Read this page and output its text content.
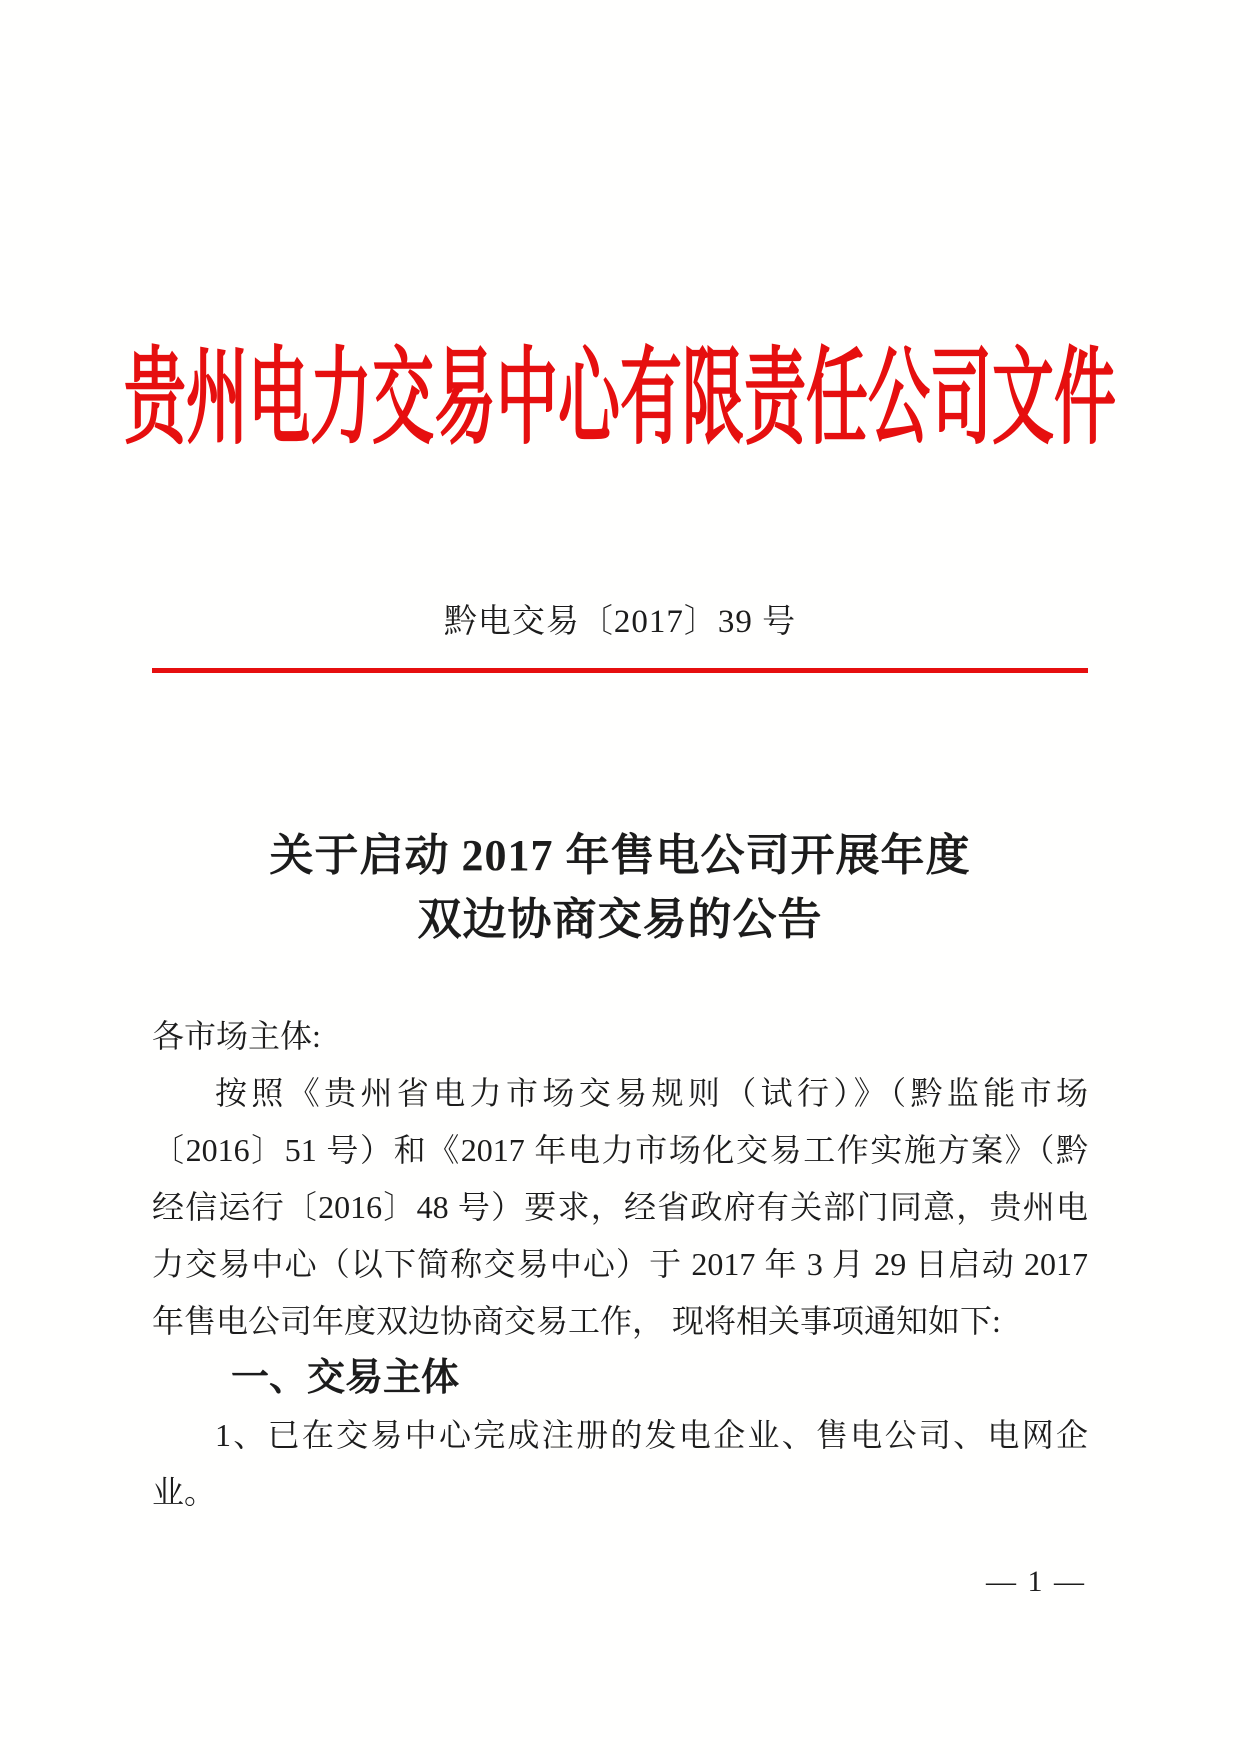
贵州电力交易中心有限责任公司文件
黔电交易〔2017〕39 号
关于启动 2017 年售电公司开展年度
双边协商交易的公告
各市场主体:
按照《贵州省电力市场交易规则（试行）》（黔监能市场
〔2016〕51 号）和《2017 年电力市场化交易工作实施方案》（黔
经信运行〔2016〕48 号）要求，经省政府有关部门同意，贵州电
力交易中心（以下简称交易中心）于 2017 年 3 月 29 日启动 2017
年售电公司年度双边协商交易工作， 现将相关事项通知如下:
一、交易主体
1、已在交易中心完成注册的发电企业、售电公司、电网企
业。
— 1 —
